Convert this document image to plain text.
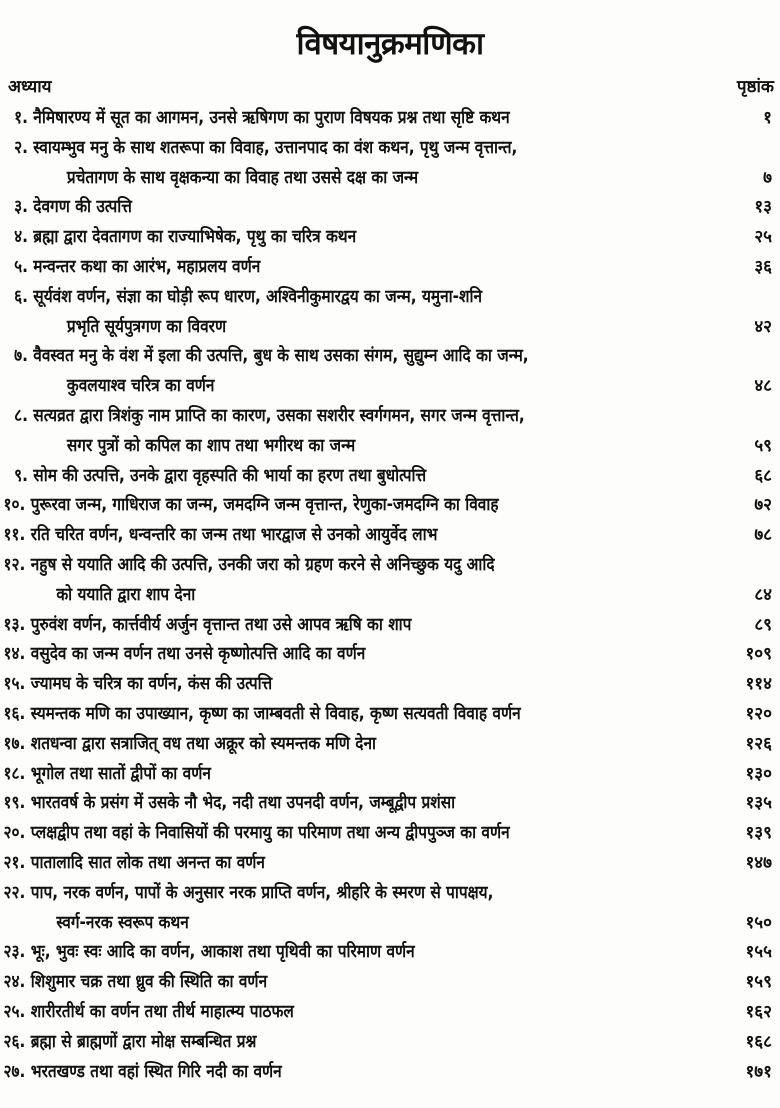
विषयानुक्रमणिका
अध्याय	पृष्ठांक
१. नैमिषारण्य में सूत का आगमन, उनसे ऋषिगण का पुराण विषयक प्रश्न तथा सृष्टि कथन	१
२. स्वायम्भुव मनु के साथ शतरूपा का विवाह, उत्तानपाद का वंश कथन, पृथु जन्म वृत्तान्त,
प्रचेतागण के साथ वृक्षकन्या का विवाह तथा उससे दक्ष का जन्म	७
३. देवगण की उत्पत्ति	१३
४. ब्रह्मा द्वारा देवतागण का राज्याभिषेक, पृथु का चरित्र कथन	२५
५. मन्वन्तर कथा का आरंभ, महाप्रलय वर्णन	३६
६. सूर्यवंश वर्णन, संज्ञा का घोड़ी रूप धारण, अश्विनीकुमारद्वय का जन्म, यमुना-शनि
प्रभृति सूर्यपुत्रगण का विवरण	४२
७. वैवस्वत मनु के वंश में इला की उत्पत्ति, बुध के साथ उसका संगम, सुद्युम्न आदि का जन्म,
कुवलयाश्व चरित्र का वर्णन	४८
८. सत्यव्रत द्वारा त्रिशंकु नाम प्राप्ति का कारण, उसका सशरीर स्वर्गगमन, सगर जन्म वृत्तान्त,
सगर पुत्रों को कपिल का शाप तथा भगीरथ का जन्म	५९
९. सोम की उत्पत्ति, उनके द्वारा वृहस्पति की भार्या का हरण तथा बुधोत्पत्ति	६८
१०. पुरूरवा जन्म, गाधिराज का जन्म, जमदग्नि जन्म वृत्तान्त, रेणुका-जमदग्नि का विवाह	७२
११. रति चरित वर्णन, धन्वन्तरि का जन्म तथा भारद्वाज से उनको आयुर्वेद लाभ	७८
१२. नहुष से ययाति आदि की उत्पत्ति, उनकी जरा को ग्रहण करने से अनिच्छुक यदु आदि
को ययाति द्वारा शाप देना	८४
१३. पुरुवंश वर्णन, कार्त्तवीर्य अर्जुन वृत्तान्त तथा उसे आपव ऋषि का शाप	८९
१४. वसुदेव का जन्म वर्णन तथा उनसे कृष्णोत्पत्ति आदि का वर्णन	१०९
१५. ज्यामघ के चरित्र का वर्णन, कंस की उत्पत्ति	११४
१६. स्यमन्तक मणि का उपाख्यान, कृष्ण का जाम्बवती से विवाह, कृष्ण सत्यवती विवाह वर्णन	१२०
१७. शतधन्वा द्वारा सत्राजित् वध तथा अक्रूर को स्यमन्तक मणि देना	१२६
१८. भूगोल तथा सातों द्वीपों का वर्णन	१३०
१९. भारतवर्ष के प्रसंग में उसके नौ भेद, नदी तथा उपनदी वर्णन, जम्बूद्वीप प्रशंसा	१३५
२०. प्लक्षद्वीप तथा वहां के निवासियों की परमायु का परिमाण तथा अन्य द्वीपपुञ्ज का वर्णन	१३९
२१. पातालादि सात लोक तथा अनन्त का वर्णन	१४७
२२. पाप, नरक वर्णन, पापों के अनुसार नरक प्राप्ति वर्णन, श्रीहरि के स्मरण से पापक्षय,
स्वर्ग-नरक स्वरूप कथन	१५०
२३. भूः, भुवः स्वः आदि का वर्णन, आकाश तथा पृथिवी का परिमाण वर्णन	१५५
२४. शिशुमार चक्र तथा ध्रुव की स्थिति का वर्णन	१५९
२५. शारीरतीर्थ का वर्णन तथा तीर्थ माहात्म्य पाठफल	१६२
२६. ब्रह्मा से ब्राह्मणों द्वारा मोक्ष सम्बन्धित प्रश्न	१६८
२७. भरतखण्ड तथा वहां स्थित गिरि नदी का वर्णन	१७१
